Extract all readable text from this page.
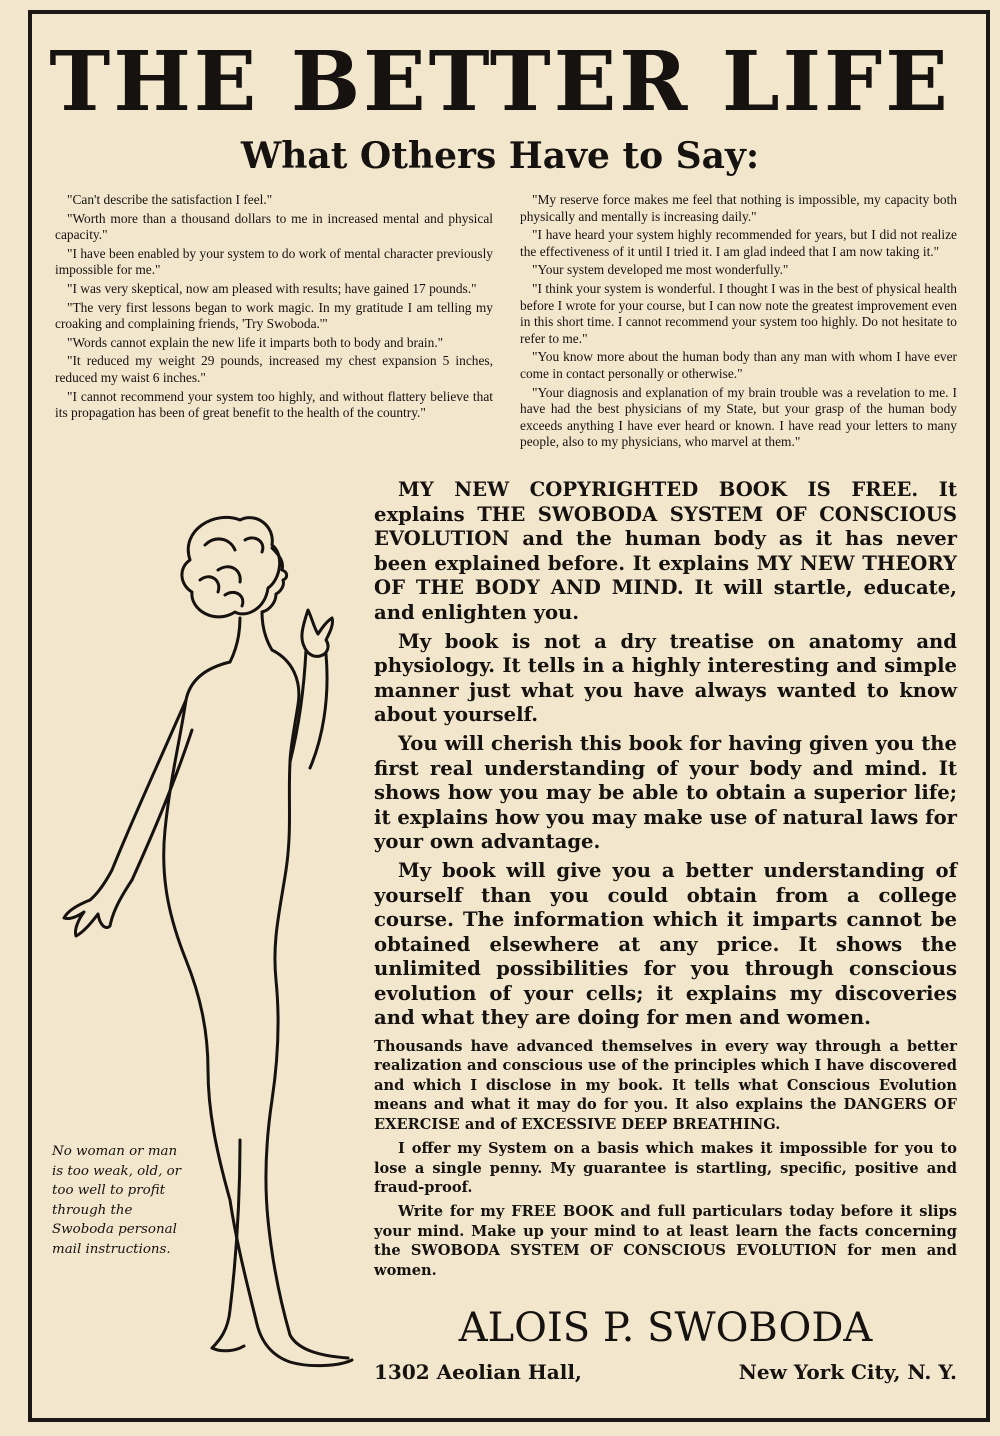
THE BETTER LIFE
What Others Have to Say:

"Can't describe the satisfaction I feel."

"Worth more than a thousand dollars to me in increased mental and physical capacity."

"I have been enabled by your system to do work of mental character previously impossible for me."

"I was very skeptical, now am pleased with results; have gained 17 pounds."

"The very first lessons began to work magic. In my gratitude I am telling my croaking and complaining friends, 'Try Swoboda.'"

"Words cannot explain the new life it imparts both to body and brain."

"It reduced my weight 29 pounds, increased my chest expansion 5 inches, reduced my waist 6 inches."

"I cannot recommend your system too highly, and without flattery believe that its propagation has been of great benefit to the health of the country."

"My reserve force makes me feel that nothing is impossible, my capacity both physically and mentally is increasing daily."

"I have heard your system highly recommended for years, but I did not realize the effectiveness of it until I tried it. I am glad indeed that I am now taking it."

"Your system developed me most wonderfully."

"I think your system is wonderful. I thought I was in the best of physical health before I wrote for your course, but I can now note the greatest improvement even in this short time. I cannot recommend your system too highly. Do not hesitate to refer to me."

"You know more about the human body than any man with whom I have ever come in contact personally or otherwise."

"Your diagnosis and explanation of my brain trouble was a revelation to me. I have had the best physicians of my State, but your grasp of the human body exceeds anything I have ever heard or known. I have read your letters to many people, also to my physicians, who marvel at them."

No woman or man is too weak, old, or too well to profit through the Swoboda personal mail instructions.

MY NEW COPYRIGHTED BOOK IS FREE. It explains THE SWOBODA SYSTEM OF CONSCIOUS EVOLUTION and the human body as it has never been explained before. It explains MY NEW THEORY OF THE BODY AND MIND. It will startle, educate, and enlighten you.

My book is not a dry treatise on anatomy and physiology. It tells in a highly interesting and simple manner just what you have always wanted to know about yourself.

You will cherish this book for having given you the first real understanding of your body and mind. It shows how you may be able to obtain a superior life; it explains how you may make use of natural laws for your own advantage.

My book will give you a better understanding of yourself than you could obtain from a college course. The information which it imparts cannot be obtained elsewhere at any price. It shows the unlimited possibilities for you through conscious evolution of your cells; it explains my discoveries and what they are doing for men and women.

Thousands have advanced themselves in every way through a better realization and conscious use of the principles which I have discovered and which I disclose in my book. It tells what Conscious Evolution means and what it may do for you. It also explains the DANGERS OF EXERCISE and of EXCESSIVE DEEP BREATHING.

I offer my System on a basis which makes it impossible for you to lose a single penny. My guarantee is startling, specific, positive and fraud-proof.

Write for my FREE BOOK and full particulars today before it slips your mind. Make up your mind to at least learn the facts concerning the SWOBODA SYSTEM OF CONSCIOUS EVOLUTION for men and women.

ALOIS P. SWOBODA
1302 Aeolian Hall,	New York City, N. Y.
